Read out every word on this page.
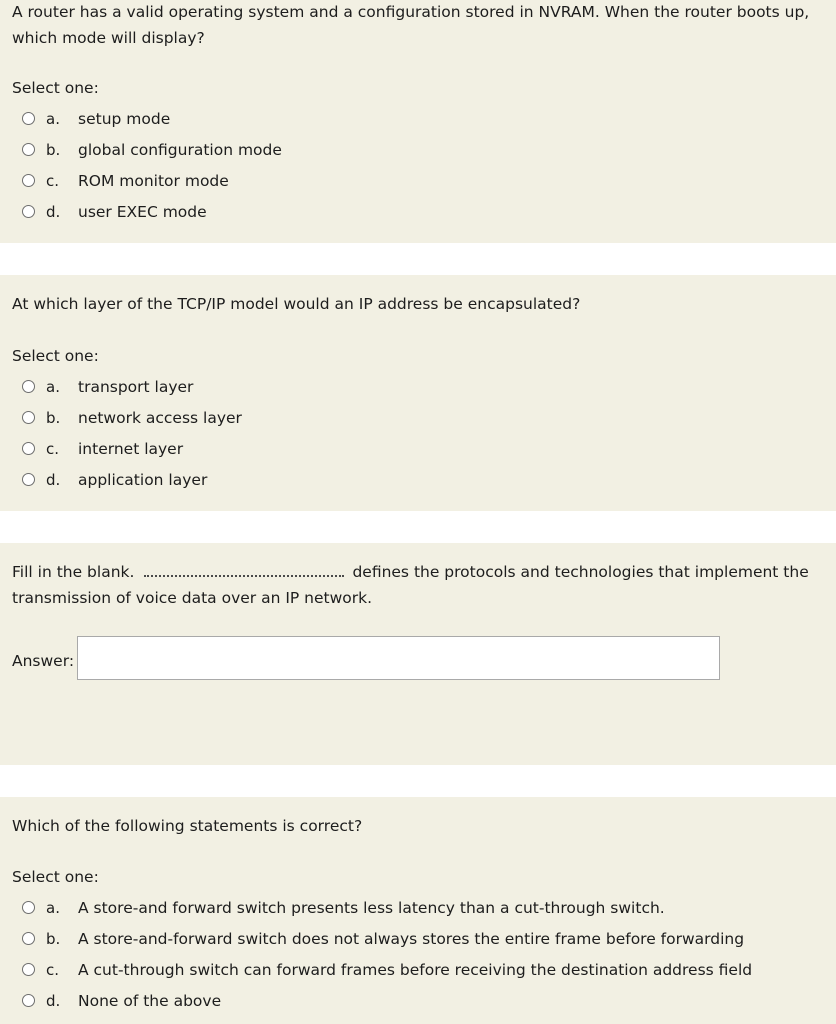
A router has a valid operating system and a configuration stored in NVRAM. When the router boots up, which mode will display?

Select one:
a. setup mode
b. global configuration mode
c. ROM monitor mode
d. user EXEC mode

At which layer of the TCP/IP model would an IP address be encapsulated?

Select one:
a. transport layer
b. network access layer
c. internet layer
d. application layer

Fill in the blank.	defines the protocols and technologies that implement the transmission of voice data over an IP network.

Answer:

Which of the following statements is correct?

Select one:
a. A store-and forward switch presents less latency than a cut-through switch.
b. A store-and-forward switch does not always stores the entire frame before forwarding
c. A cut-through switch can forward frames before receiving the destination address field
d. None of the above
